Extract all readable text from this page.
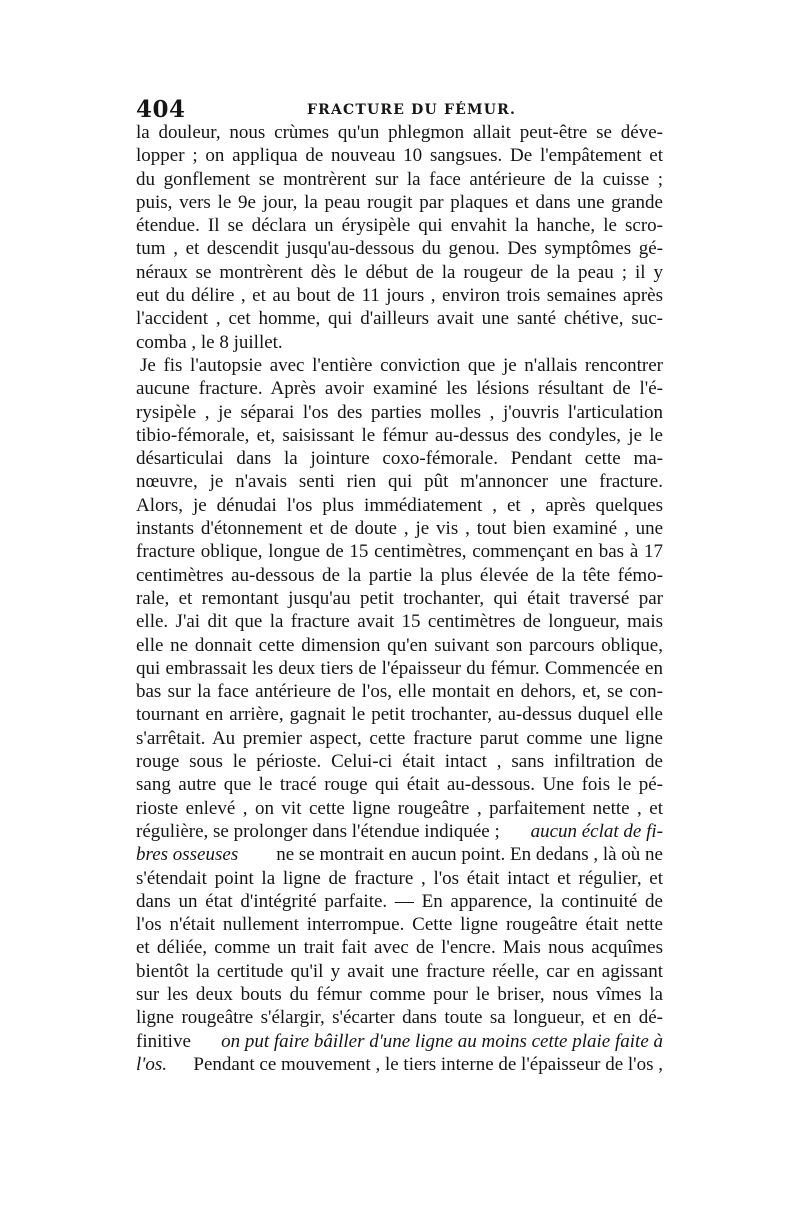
404	FRACTURE DU FÉMUR.
la douleur, nous crùmes qu'un phlegmon allait peut-être se déve-
lopper ; on appliqua de nouveau 10 sangsues. De l'empâtement et
du gonflement se montrèrent sur la face antérieure de la cuisse ;
puis, vers le 9e jour, la peau rougit par plaques et dans une grande
étendue. Il se déclara un érysipèle qui envahit la hanche, le scro-
tum , et descendit jusqu'au-dessous du genou. Des symptômes gé-
néraux se montrèrent dès le début de la rougeur de la peau ; il y
eut du délire , et au bout de 11 jours , environ trois semaines après
l'accident , cet homme, qui d'ailleurs avait une santé chétive, suc-
comba , le 8 juillet.
Je fis l'autopsie avec l'entière conviction que je n'allais rencontrer
aucune fracture. Après avoir examiné les lésions résultant de l'é-
rysipèle , je séparai l'os des parties molles , j'ouvris l'articulation
tibio-fémorale, et, saisissant le fémur au-dessus des condyles, je le
désarticulai dans la jointure coxo-fémorale. Pendant cette ma-
nœuvre, je n'avais senti rien qui pût m'annoncer une fracture.
Alors, je dénudai l'os plus immédiatement , et , après quelques
instants d'étonnement et de doute , je vis , tout bien examiné , une
fracture oblique, longue de 15 centimètres, commençant en bas à 17
centimètres au-dessous de la partie la plus élevée de la tête fémo-
rale, et remontant jusqu'au petit trochanter, qui était traversé par
elle. J'ai dit que la fracture avait 15 centimètres de longueur, mais
elle ne donnait cette dimension qu'en suivant son parcours oblique,
qui embrassait les deux tiers de l'épaisseur du fémur. Commencée en
bas sur la face antérieure de l'os, elle montait en dehors, et, se con-
tournant en arrière, gagnait le petit trochanter, au-dessus duquel elle
s'arrêtait. Au premier aspect, cette fracture parut comme une ligne
rouge sous le périoste. Celui-ci était intact , sans infiltration de
sang autre que le tracé rouge qui était au-dessous. Une fois le pé-
rioste enlevé , on vit cette ligne rougeâtre , parfaitement nette , et
régulière, se prolonger dans l'étendue indiquée ; aucun éclat de fi-
bres osseuses ne se montrait en aucun point. En dedans , là où ne
s'étendait point la ligne de fracture , l'os était intact et régulier, et
dans un état d'intégrité parfaite. — En apparence, la continuité de
l'os n'était nullement interrompue. Cette ligne rougeâtre était nette
et déliée, comme un trait fait avec de l'encre. Mais nous acquîmes
bientôt la certitude qu'il y avait une fracture réelle, car en agissant
sur les deux bouts du fémur comme pour le briser, nous vîmes la
ligne rougeâtre s'élargir, s'écarter dans toute sa longueur, et en dé-
finitive on put faire bâiller d'une ligne au moins cette plaie faite à
l'os. Pendant ce mouvement , le tiers interne de l'épaisseur de l'os ,
